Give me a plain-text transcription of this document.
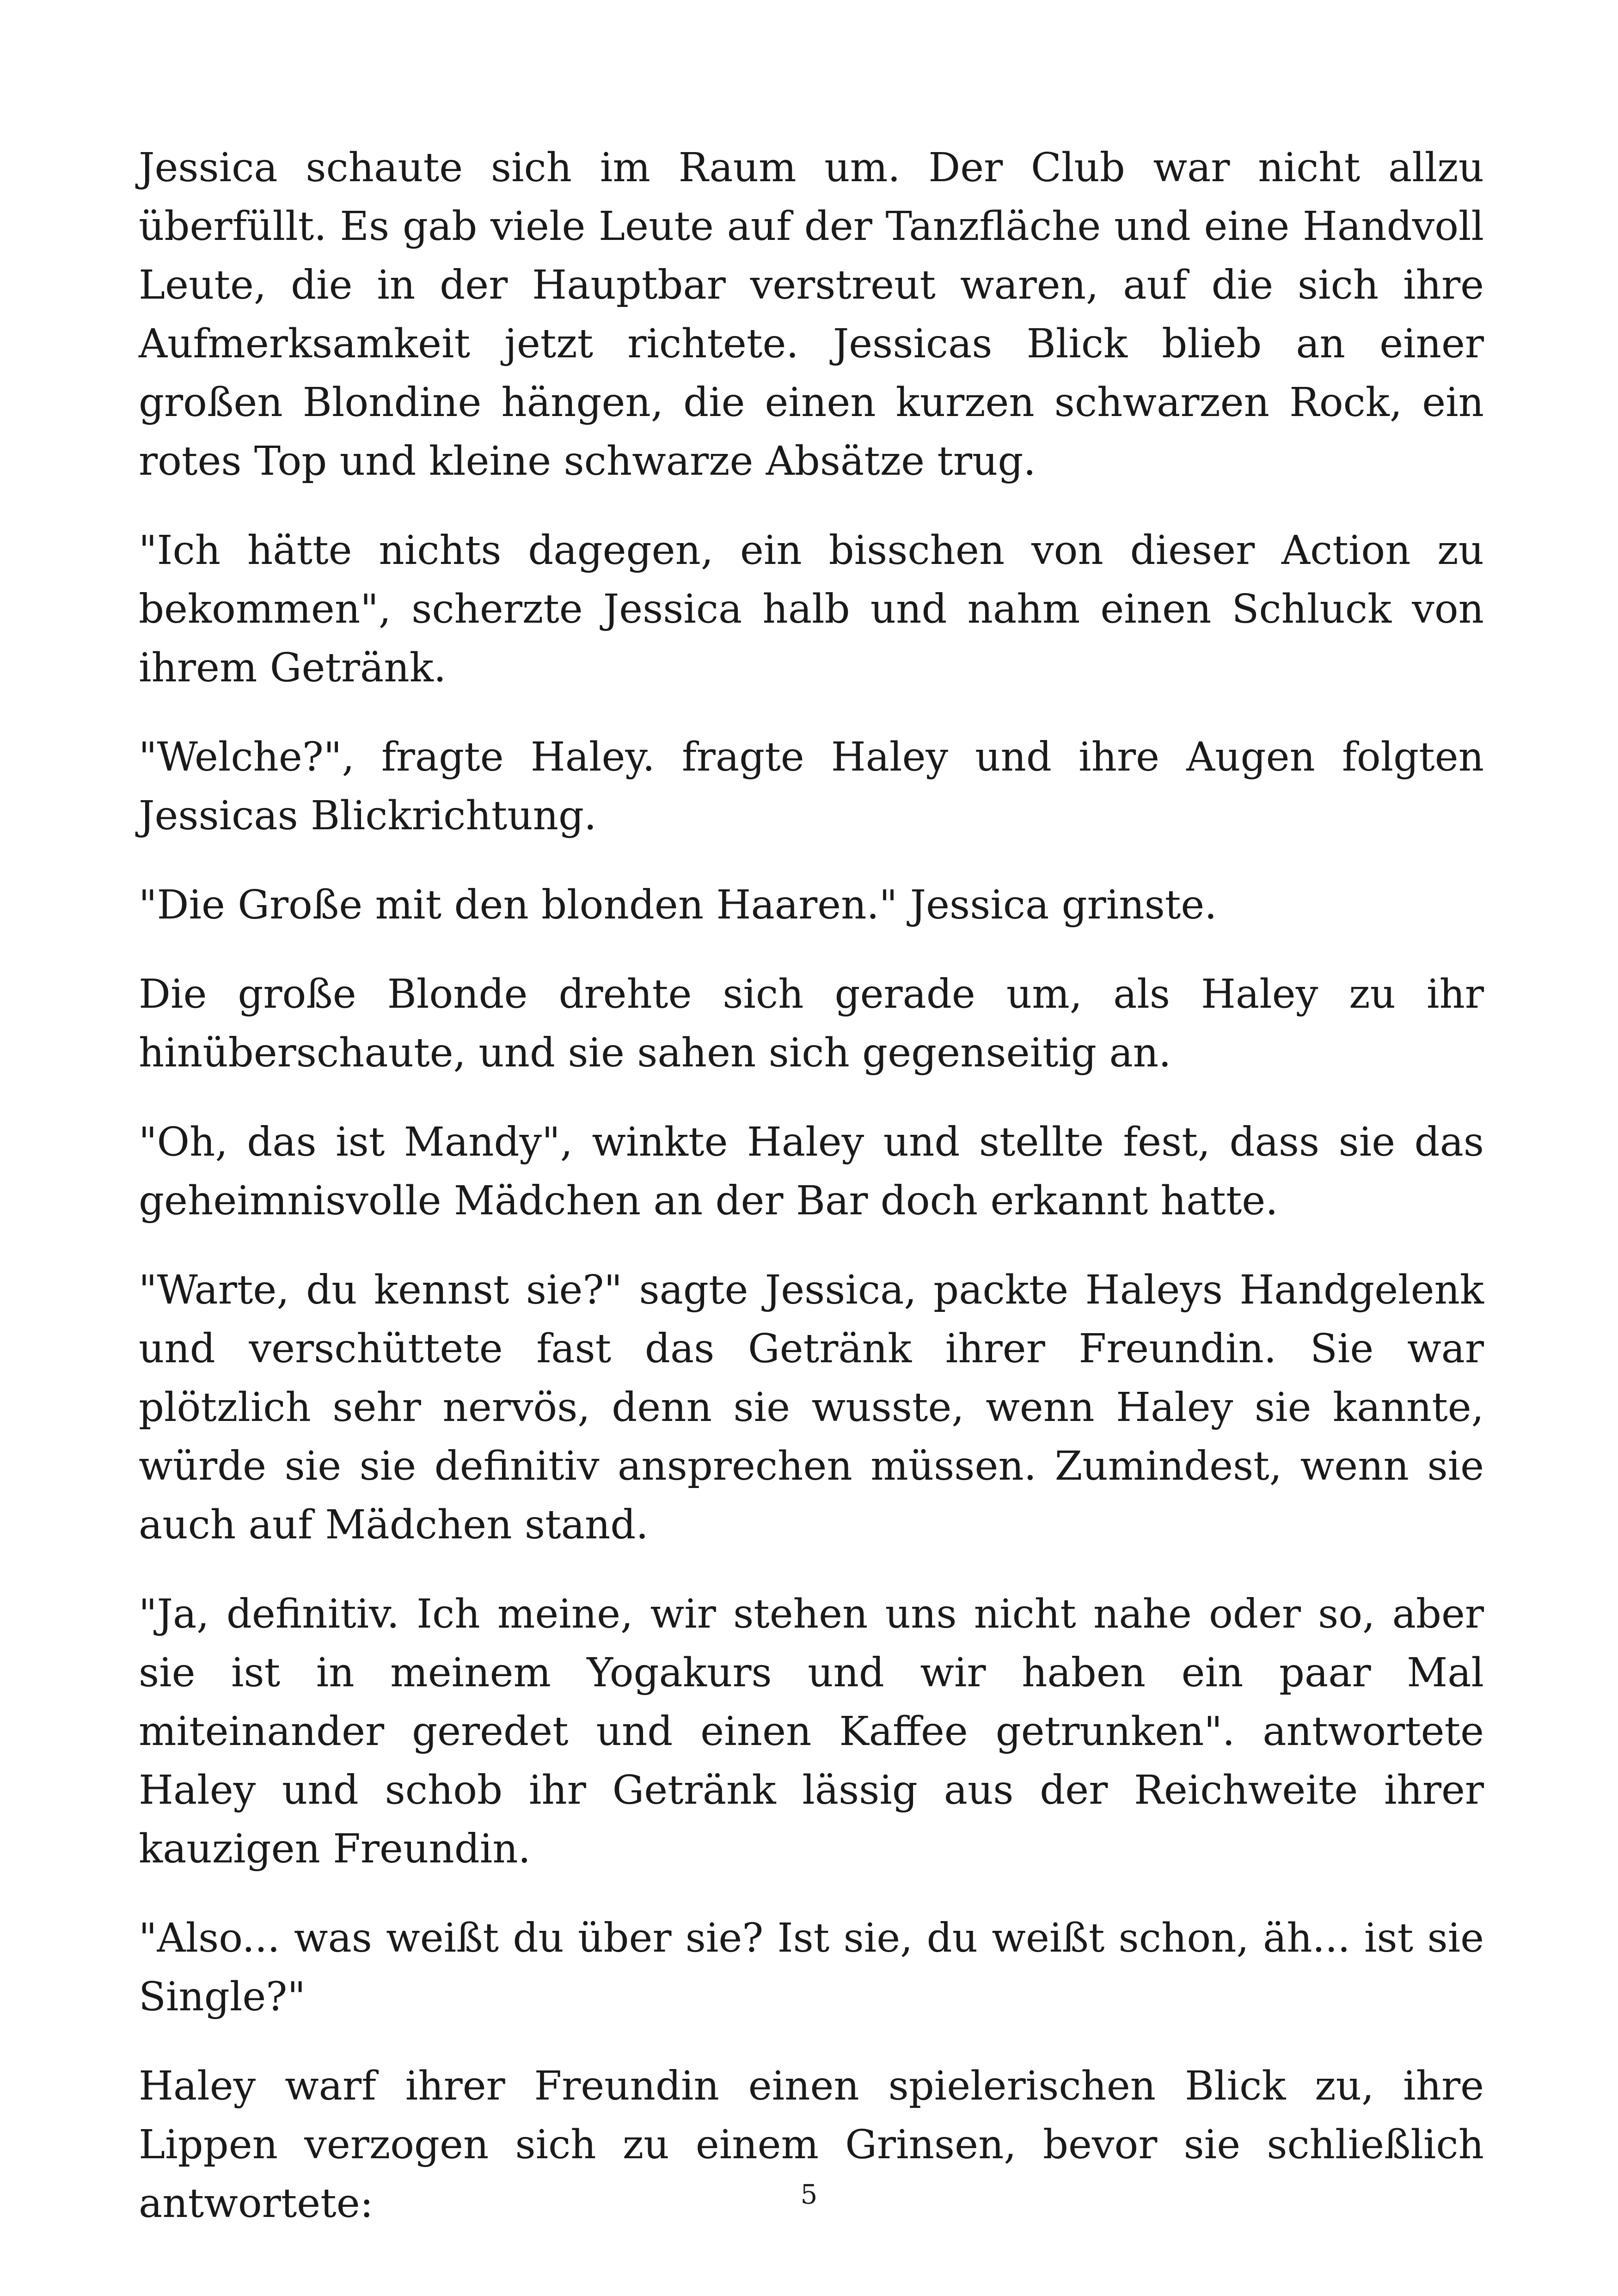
Jessica schaute sich im Raum um. Der Club war nicht allzu überfüllt. Es gab viele Leute auf der Tanzfläche und eine Handvoll Leute, die in der Hauptbar verstreut waren, auf die sich ihre Aufmerksamkeit jetzt richtete. Jessicas Blick blieb an einer großen Blondine hängen, die einen kurzen schwarzen Rock, ein rotes Top und kleine schwarze Absätze trug.

"Ich hätte nichts dagegen, ein bisschen von dieser Action zu bekommen", scherzte Jessica halb und nahm einen Schluck von ihrem Getränk.

"Welche?", fragte Haley. fragte Haley und ihre Augen folgten Jessicas Blickrichtung.

"Die Große mit den blonden Haaren." Jessica grinste.

Die große Blonde drehte sich gerade um, als Haley zu ihr hinüberschaute, und sie sahen sich gegenseitig an.

"Oh, das ist Mandy", winkte Haley und stellte fest, dass sie das geheimnisvolle Mädchen an der Bar doch erkannt hatte.

"Warte, du kennst sie?" sagte Jessica, packte Haleys Handgelenk und verschüttete fast das Getränk ihrer Freundin. Sie war plötzlich sehr nervös, denn sie wusste, wenn Haley sie kannte, würde sie sie definitiv ansprechen müssen. Zumindest, wenn sie auch auf Mädchen stand.

"Ja, definitiv. Ich meine, wir stehen uns nicht nahe oder so, aber sie ist in meinem Yogakurs und wir haben ein paar Mal miteinander geredet und einen Kaffee getrunken". antwortete Haley und schob ihr Getränk lässig aus der Reichweite ihrer kauzigen Freundin.

"Also... was weißt du über sie? Ist sie, du weißt schon, äh... ist sie Single?"

Haley warf ihrer Freundin einen spielerischen Blick zu, ihre Lippen verzogen sich zu einem Grinsen, bevor sie schließlich antwortete:	5
